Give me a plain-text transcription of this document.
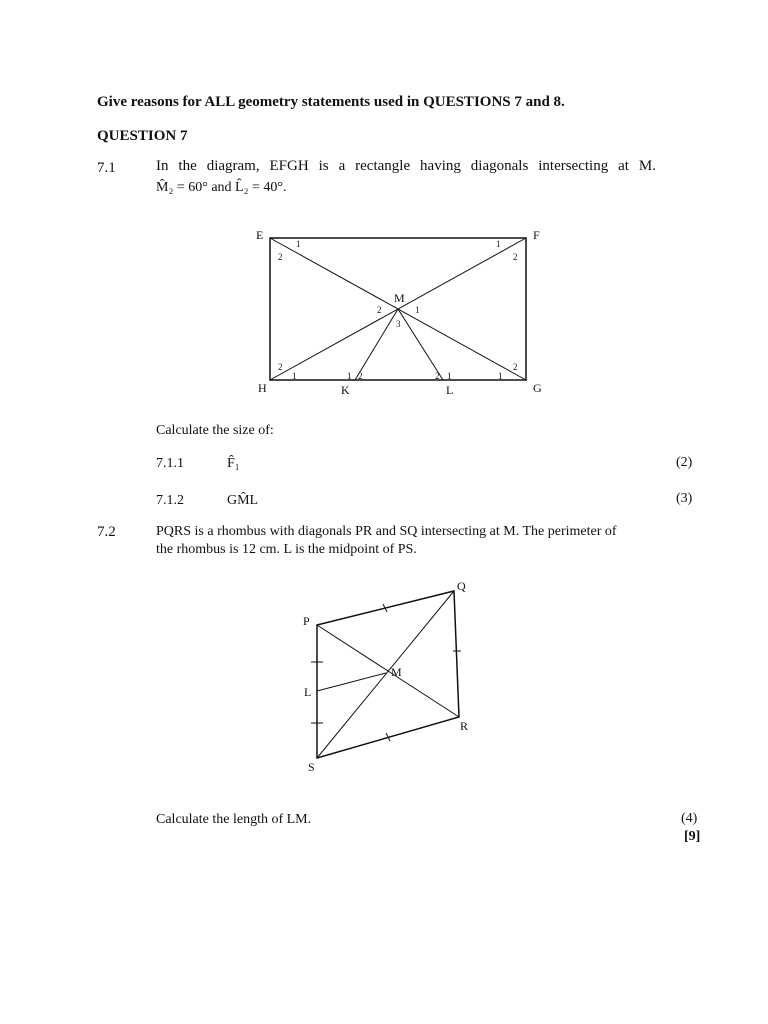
Give reasons for ALL geometry statements used in QUESTIONS 7 and 8.
QUESTION 7
7.1	In the diagram, EFGH is a rectangle having diagonals intersecting at M.
M̂₂ = 60° and L̂₂ = 40°.
E	F
G
H
M
K	L
1
2
1
2
2	1
3
2
1	1 2	2 1	1
2
Calculate the size of:
7.1.1	F̂₁	(2)
7.1.2	GM̂L	(3)
7.2	PQRS is a rhombus with diagonals PR and SQ intersecting at M. The perimeter of
the rhombus is 12 cm. L is the midpoint of PS.
P
Q
R
S
M
L
Calculate the length of LM.	(4)
[9]
